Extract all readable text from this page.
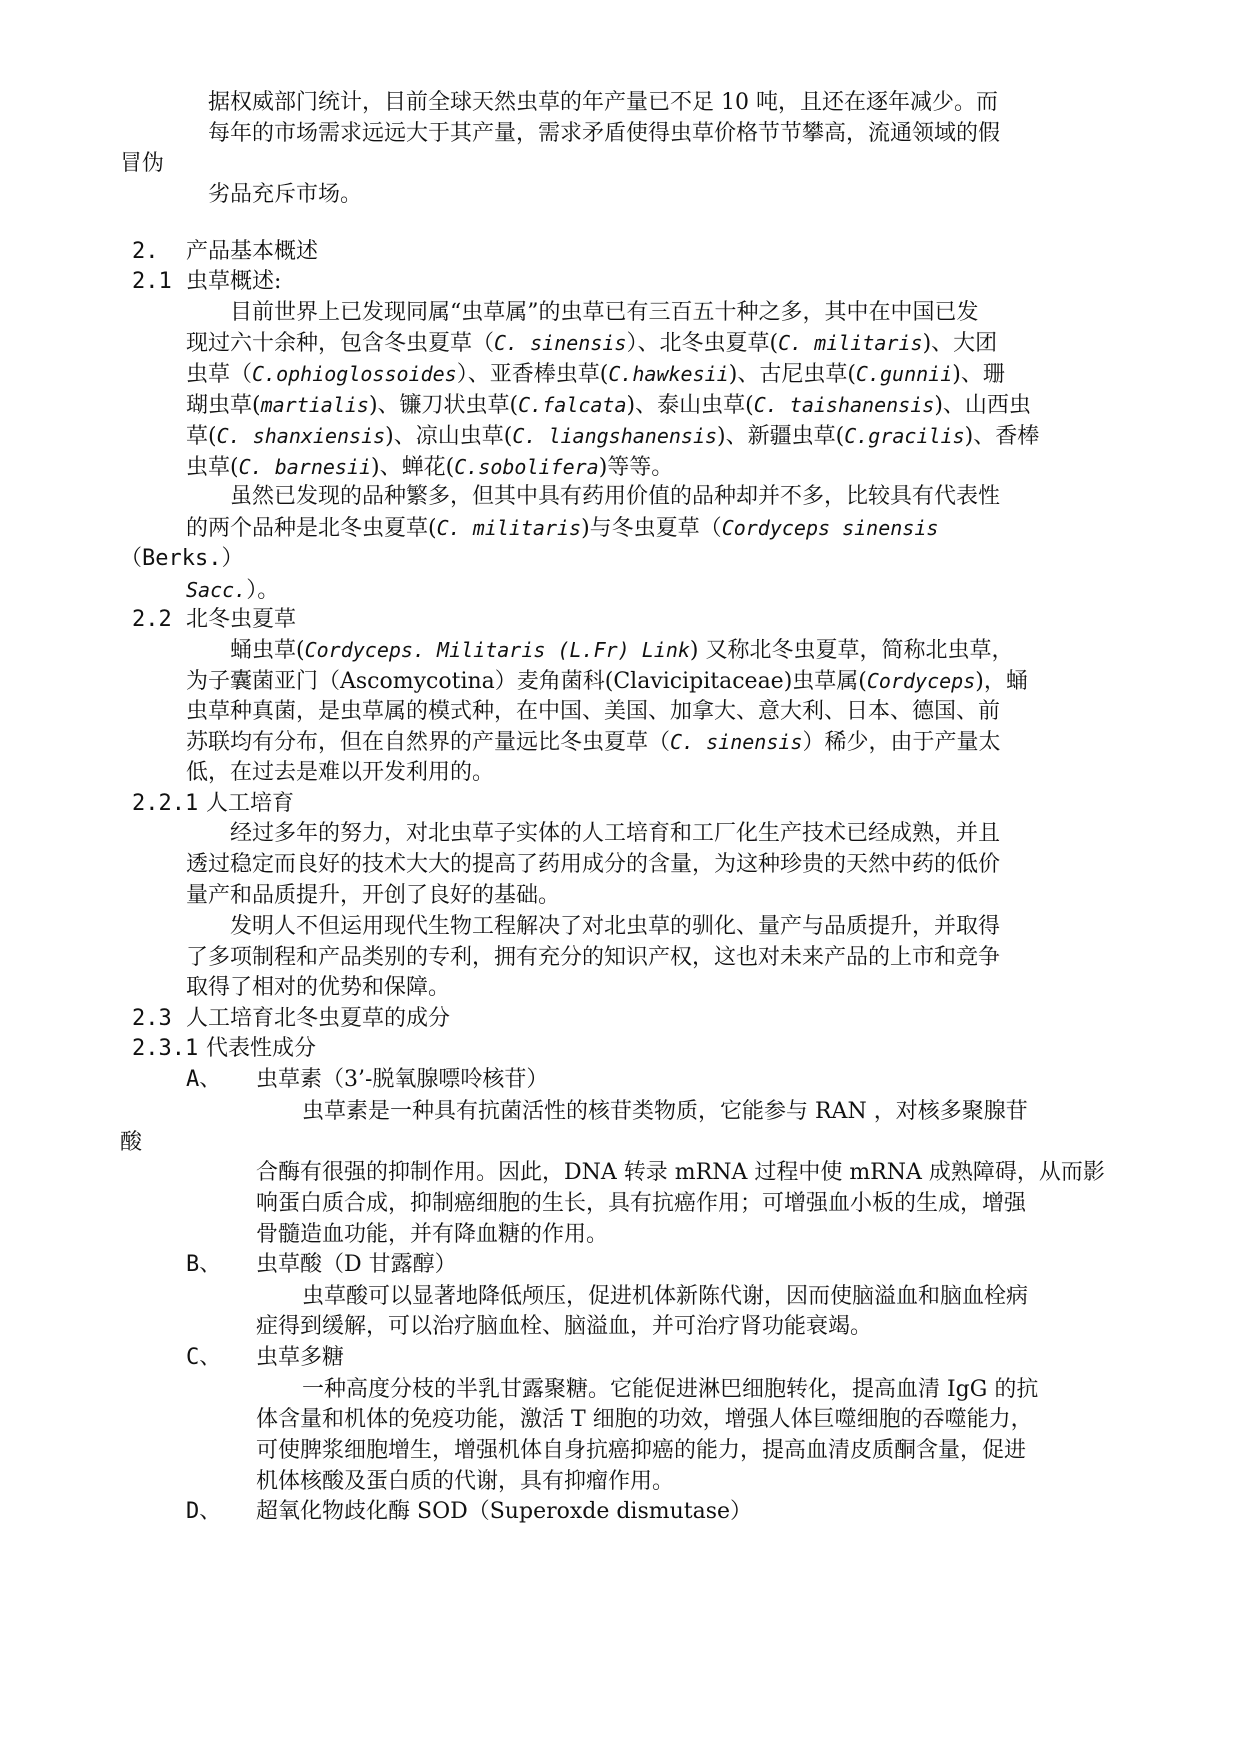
据权威部门统计，目前全球天然虫草的年产量已不足 10 吨，且还在逐年减少。而
每年的市场需求远远大于其产量，需求矛盾使得虫草价格节节攀高，流通领域的假
冒伪
劣品充斥市场。
2. 产品基本概述
2.1 虫草概述:
目前世界上已发现同属“虫草属”的虫草已有三百五十种之多，其中在中国已发
现过六十余种，包含冬虫夏草（C. sinensis）、北冬虫夏草(C. militaris)、大团
虫草（C.ophioglossoides）、亚香棒虫草(C.hawkesii)、古尼虫草(C.gunnii)、珊
瑚虫草(martialis)、镰刀状虫草(C.falcata)、泰山虫草(C. taishanensis)、山西虫
草(C. shanxiensis)、凉山虫草(C. liangshanensis)、新疆虫草(C.gracilis)、香棒
虫草(C. barnesii)、蝉花(C.sobolifera)等等。
虽然已发现的品种繁多，但其中具有药用价值的品种却并不多，比较具有代表性
的两个品种是北冬虫夏草(C. militaris)与冬虫夏草（Cordyceps sinensis
（Berks.）
Sacc.）。
2.2 北冬虫夏草
蛹虫草(Cordyceps. Militaris (L.Fr) Link) 又称北冬虫夏草，简称北虫草，
为子囊菌亚门（Ascomycotina）麦角菌科(Clavicipitaceae)虫草属(Cordyceps)，蛹
虫草种真菌，是虫草属的模式种，在中国、美国、加拿大、意大利、日本、德国、前
苏联均有分布，但在自然界的产量远比冬虫夏草（C. sinensis）稀少，由于产量太
低，在过去是难以开发利用的。
2.2.1 人工培育
经过多年的努力，对北虫草子实体的人工培育和工厂化生产技术已经成熟，并且
透过稳定而良好的技术大大的提高了药用成分的含量，为这种珍贵的天然中药的低价
量产和品质提升，开创了良好的基础。
发明人不但运用现代生物工程解决了对北虫草的驯化、量产与品质提升，并取得
了多项制程和产品类别的专利，拥有充分的知识产权，这也对未来产品的上市和竞争
取得了相对的优势和保障。
2.3 人工培育北冬虫夏草的成分
2.3.1 代表性成分
A、 虫草素（3’-脱氧腺嘌呤核苷）
虫草素是一种具有抗菌活性的核苷类物质，它能参与 RAN ，对核多聚腺苷
酸
合酶有很强的抑制作用。因此，DNA 转录 mRNA 过程中使 mRNA 成熟障碍，从而影
响蛋白质合成，抑制癌细胞的生长，具有抗癌作用；可增强血小板的生成，增强
骨髓造血功能，并有降血糖的作用。
B、 虫草酸（D 甘露醇）
虫草酸可以显著地降低颅压，促进机体新陈代谢，因而使脑溢血和脑血栓病
症得到缓解，可以治疗脑血栓、脑溢血，并可治疗肾功能衰竭。
C、 虫草多糖
一种高度分枝的半乳甘露聚糖。它能促进淋巴细胞转化，提高血清 IgG 的抗
体含量和机体的免疫功能，激活 T 细胞的功效，增强人体巨噬细胞的吞噬能力，
可使脾浆细胞增生，增强机体自身抗癌抑癌的能力，提高血清皮质酮含量，促进
机体核酸及蛋白质的代谢，具有抑瘤作用。
D、 超氧化物歧化酶 SOD（Superoxde dismutase）
